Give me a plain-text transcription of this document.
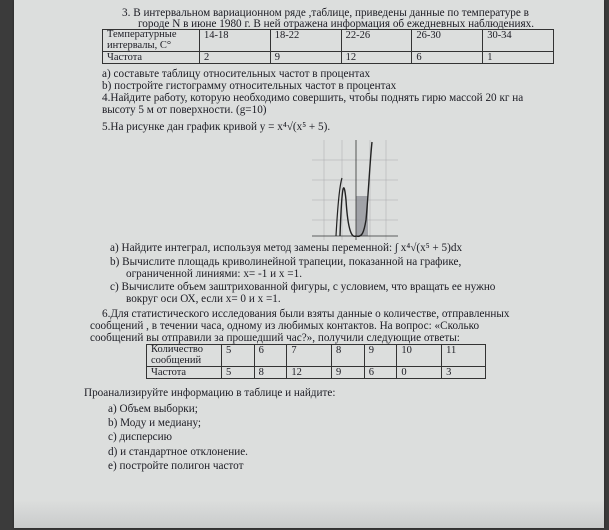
3. В интервальном вариационном ряде ,таблице, приведены данные по температуре в
городе N в июне 1980 г. В ней отражена информация об ежедневных наблюдениях.
Температурные
интервалы, С°	14-18	18-22	22-26	26-30	30-34
Частота	2	9	12	6	1
а) составьте таблицу относительных частот в процентах
b) постройте гистограмму относительных частот в процентах
4.Найдите работу, которую необходимо совершить, чтобы поднять гирю массой 20 кг на
высоту 5 м от поверхности. (g=10)
5.На рисунке дан график кривой y = x⁴√(x⁵ + 5).
а) Найдите интеграл, используя метод замены переменной: ∫ x⁴√(x⁵ + 5)dx
b) Вычислите площадь криволинейной трапеции, показанной на графике,
ограниченной линиями: x= -1 и x =1.
с) Вычислите объем заштрихованной фигуры, с условием, что вращать ее нужно
вокруг оси ОХ, если x= 0 и x =1.
6.Для статистического исследования были взяты данные о количестве, отправленных
сообщений , в течении часа, одному из любимых контактов. На вопрос: «Сколько
сообщений вы отправили за прошедший час?», получили следующие ответы:
Количество
сообщений	5	6	7	8	9	10	11
Частота	5	8	12	9	6	0	3
Проанализируйте информацию в таблице и найдите:
а) Объем выборки;
b) Моду и медиану;
с) дисперсию
d) и стандартное отклонение.
е) постройте полигон частот
